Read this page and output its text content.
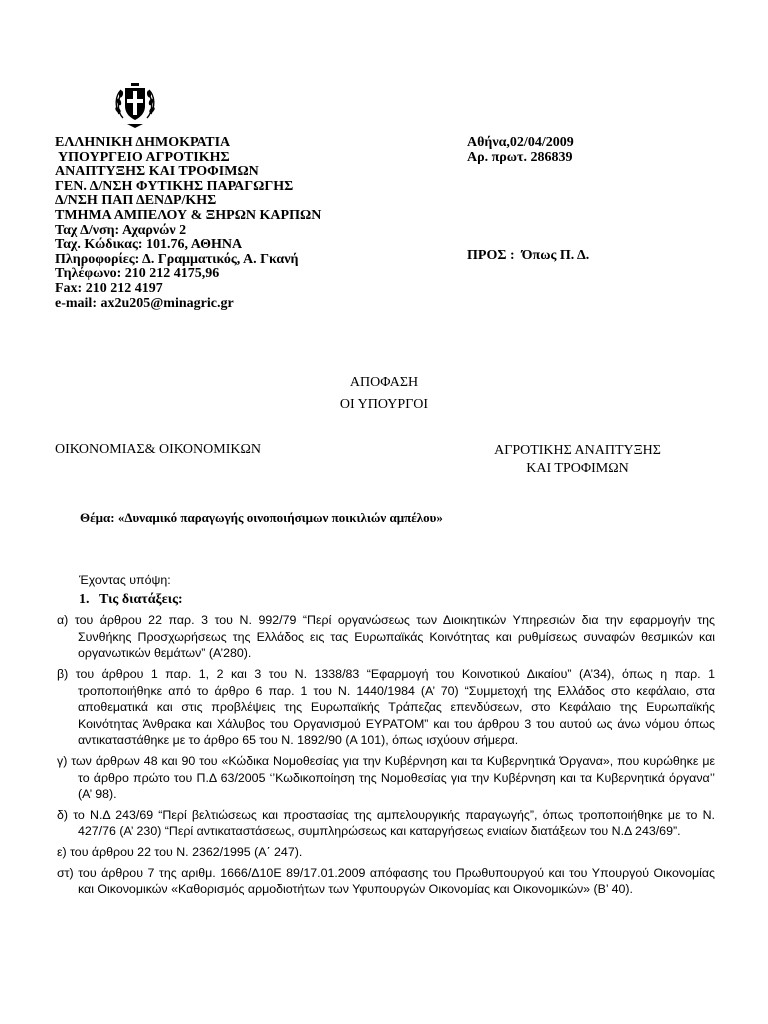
ΕΛΛΗΝΙΚΗ ΔΗΜΟΚΡΑΤΙΑ
ΥΠΟΥΡΓΕΙΟ ΑΓΡΟΤΙΚΗΣ
ΑΝΑΠΤΥΞΗΣ ΚΑΙ ΤΡΟΦΙΜΩΝ
ΓΕΝ. Δ/ΝΣΗ ΦΥΤΙΚΗΣ ΠΑΡΑΓΩΓΗΣ
Δ/ΝΣΗ ΠΑΠ ΔΕΝΔΡ/ΚΗΣ
ΤΜΗΜΑ ΑΜΠΕΛΟΥ & ΞΗΡΩΝ ΚΑΡΠΩΝ
Ταχ Δ/νση: Αχαρνών 2
Ταχ. Κώδικας: 101.76, ΑΘΗΝΑ
Πληροφορίες: Δ. Γραμματικός, Α. Γκανή
Τηλέφωνο: 210 212 4175,96
Fax: 210 212 4197
e-mail: ax2u205@minagric.gr
Αθήνα,02/04/2009
Αρ. πρωτ. 286839
ΠΡΟΣ :  Όπως Π. Δ.
ΑΠΟΦΑΣΗ
ΟΙ ΥΠΟΥΡΓΟΙ
ΟΙΚΟΝΟΜΙΑΣ& ΟΙΚΟΝΟΜΙΚΩΝ	ΑΓΡΟΤΙΚΗΣ ΑΝΑΠΤΥΞΗΣ
ΚΑΙ ΤΡΟΦΙΜΩΝ
Θέμα: «Δυναμικό παραγωγής οινοποιήσιμων ποικιλιών αμπέλου»

Έχοντας υπόψη:

1. Τις διατάξεις:

α) του άρθρου 22 παρ. 3 του Ν. 992/79 “Περί οργανώσεως των Διοικητικών Υπηρεσιών δια την εφαρμογήν της Συνθήκης Προσχωρήσεως της Ελλάδος εις τας Ευρωπαϊκάς Κοινότητας και ρυθμίσεως συναφών θεσμικών και οργανωτικών θεμάτων” (Α’280).

β) του άρθρου 1 παρ. 1, 2 και 3 του Ν. 1338/83 “Εφαρμογή του Κοινοτικού Δικαίου” (Α’34), όπως η παρ. 1 τροποποιήθηκε από το άρθρο 6 παρ. 1 του Ν. 1440/1984 (Α’ 70) “Συμμετοχή της Ελλάδος στο κεφάλαιο, στα αποθεματικά και στις προβλέψεις της Ευρωπαϊκής Τράπεζας επενδύσεων, στο Κεφάλαιο της Ευρωπαϊκής Κοινότητας Άνθρακα και Χάλυβος του Οργανισμού ΕΥΡΑΤΟΜ” και του άρθρου 3 του αυτού ως άνω νόμου όπως αντικαταστάθηκε με το άρθρο 65 του Ν. 1892/90 (Α 101), όπως ισχύουν σήμερα.

γ) των άρθρων 48 και 90 του «Κώδικα Νομοθεσίας για την Κυβέρνηση και τα Κυβερνητικά Όργανα», που κυρώθηκε με το άρθρο πρώτο του Π.Δ 63/2005 ‘’Κωδικοποίηση της Νομοθεσίας για την Κυβέρνηση και τα Κυβερνητικά όργανα’’ (Α’ 98).

δ) το Ν.Δ 243/69 “Περί βελτιώσεως και προστασίας της αμπελουργικής παραγωγής”, όπως τροποποιήθηκε με το Ν. 427/76 (Α’ 230) “Περί αντικαταστάσεως, συμπληρώσεως και καταργήσεως ενιαίων διατάξεων του Ν.Δ 243/69”.

ε) του άρθρου 22 του Ν. 2362/1995 (Α΄ 247).

στ) του άρθρου 7 της αριθμ. 1666/Δ10Ε 89/17.01.2009 απόφασης του Πρωθυπουργού και του Υπουργού Οικονομίας και Οικονομικών «Καθορισμός αρμοδιοτήτων των Υφυπουργών Οικονομίας και Οικονομικών» (Β’ 40).
